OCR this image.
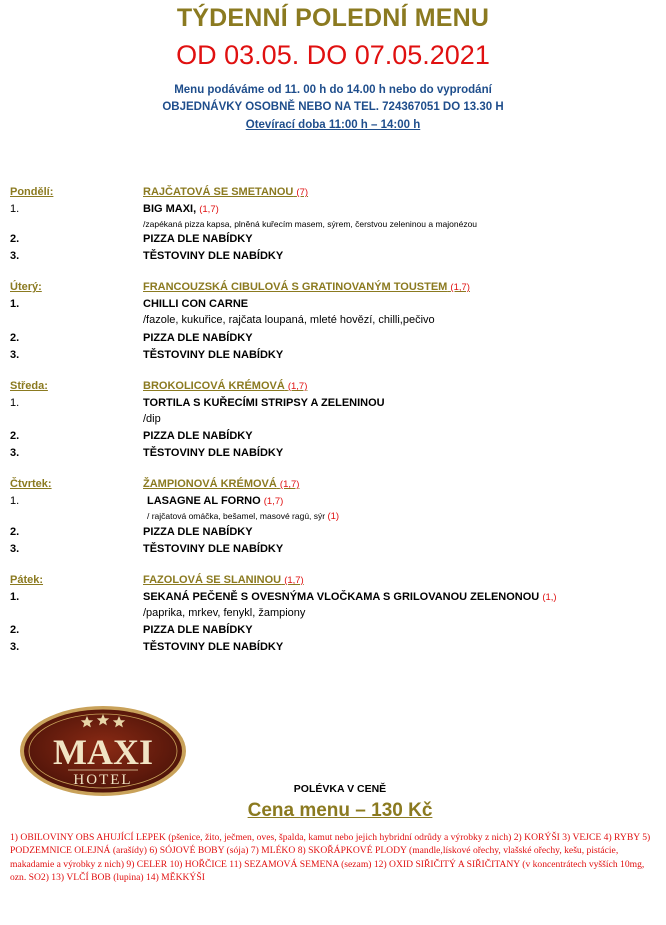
TÝDENNÍ POLEDNÍ MENU
OD 03.05. DO 07.05.2021
Menu podáváme od 11. 00 h do 14.00 h nebo do vyprodání
OBJEDNÁVKY OSOBNĚ NEBO NA TEL. 724367051 DO 13.30 H
Otevírací doba 11:00 h – 14:00 h
Pondělí:	RAJČATOVÁ SE SMETANOU (7)
1.	BIG MAXI, (1,7)
/zapékaná pizza kapsa, plněná kuřecím masem, sýrem, čerstvou zeleninou a majonézou
2.	PIZZA DLE NABÍDKY
3.	TĚSTOVINY DLE NABÍDKY
Úterý:	FRANCOUZSKÁ CIBULOVÁ S GRATINOVANÝM TOUSTEM (1,7)
1.	CHILLI CON CARNE
/fazole, kukuřice, rajčata loupaná, mleté hovězí, chilli,pečivo
2.	PIZZA DLE NABÍDKY
3.	TĚSTOVINY DLE NABÍDKY
Středa:	BROKOLICOVÁ KRÉMOVÁ (1,7)
1.	TORTILA S KUŘECÍMI STRIPSY A ZELENINOU
/dip
2.	PIZZA DLE NABÍDKY
3.	TĚSTOVINY DLE NABÍDKY
Čtvrtek:	ŽAMPIONOVÁ KRÉMOVÁ (1,7)
1.	LASAGNE AL FORNO (1,7)
/ rajčatová omáčka, bešamel, masové ragú, sýr (1)
2.	PIZZA DLE NABÍDKY
3.	TĚSTOVINY DLE NABÍDKY
Pátek:	FAZOLOVÁ SE SLANINOU (1,7)
1.	SEKANÁ PEČENĚ S OVESNÝMA VLOČKAMA S GRILOVANOU ZELENONOU (1,)
/paprika, mrkev, fenykl, žampiony
2.	PIZZA DLE NABÍDKY
3.	TĚSTOVINY DLE NABÍDKY
MAXI
HOTEL
POLÉVKA V CENĚ
Cena menu – 130 Kč
1) OBILOVINY OBS AHUJÍCÍ LEPEK (pšenice, žito, ječmen, oves, špalda, kamut nebo jejich hybridní odrůdy a výrobky z nich) 2) KORÝŠI 3) VEJCE 4) RYBY 5) PODZEMNICE OLEJNÁ (arašídy) 6) SÓJOVÉ BOBY (sója) 7) MLÉKO 8) SKOŘÁPKOVÉ PLODY (mandle,lískové ořechy, vlašské ořechy, kešu, pistácie, makadamie a výrobky z nich) 9) CELER 10) HOŘČICE 11) SEZAMOVÁ SEMENA (sezam) 12) OXID SIŘIČITÝ A SIŘIČITANY (v koncentrátech vyšších 10mg, ozn. SO2) 13) VLČÍ BOB (lupina) 14) MĚKKÝŠI
